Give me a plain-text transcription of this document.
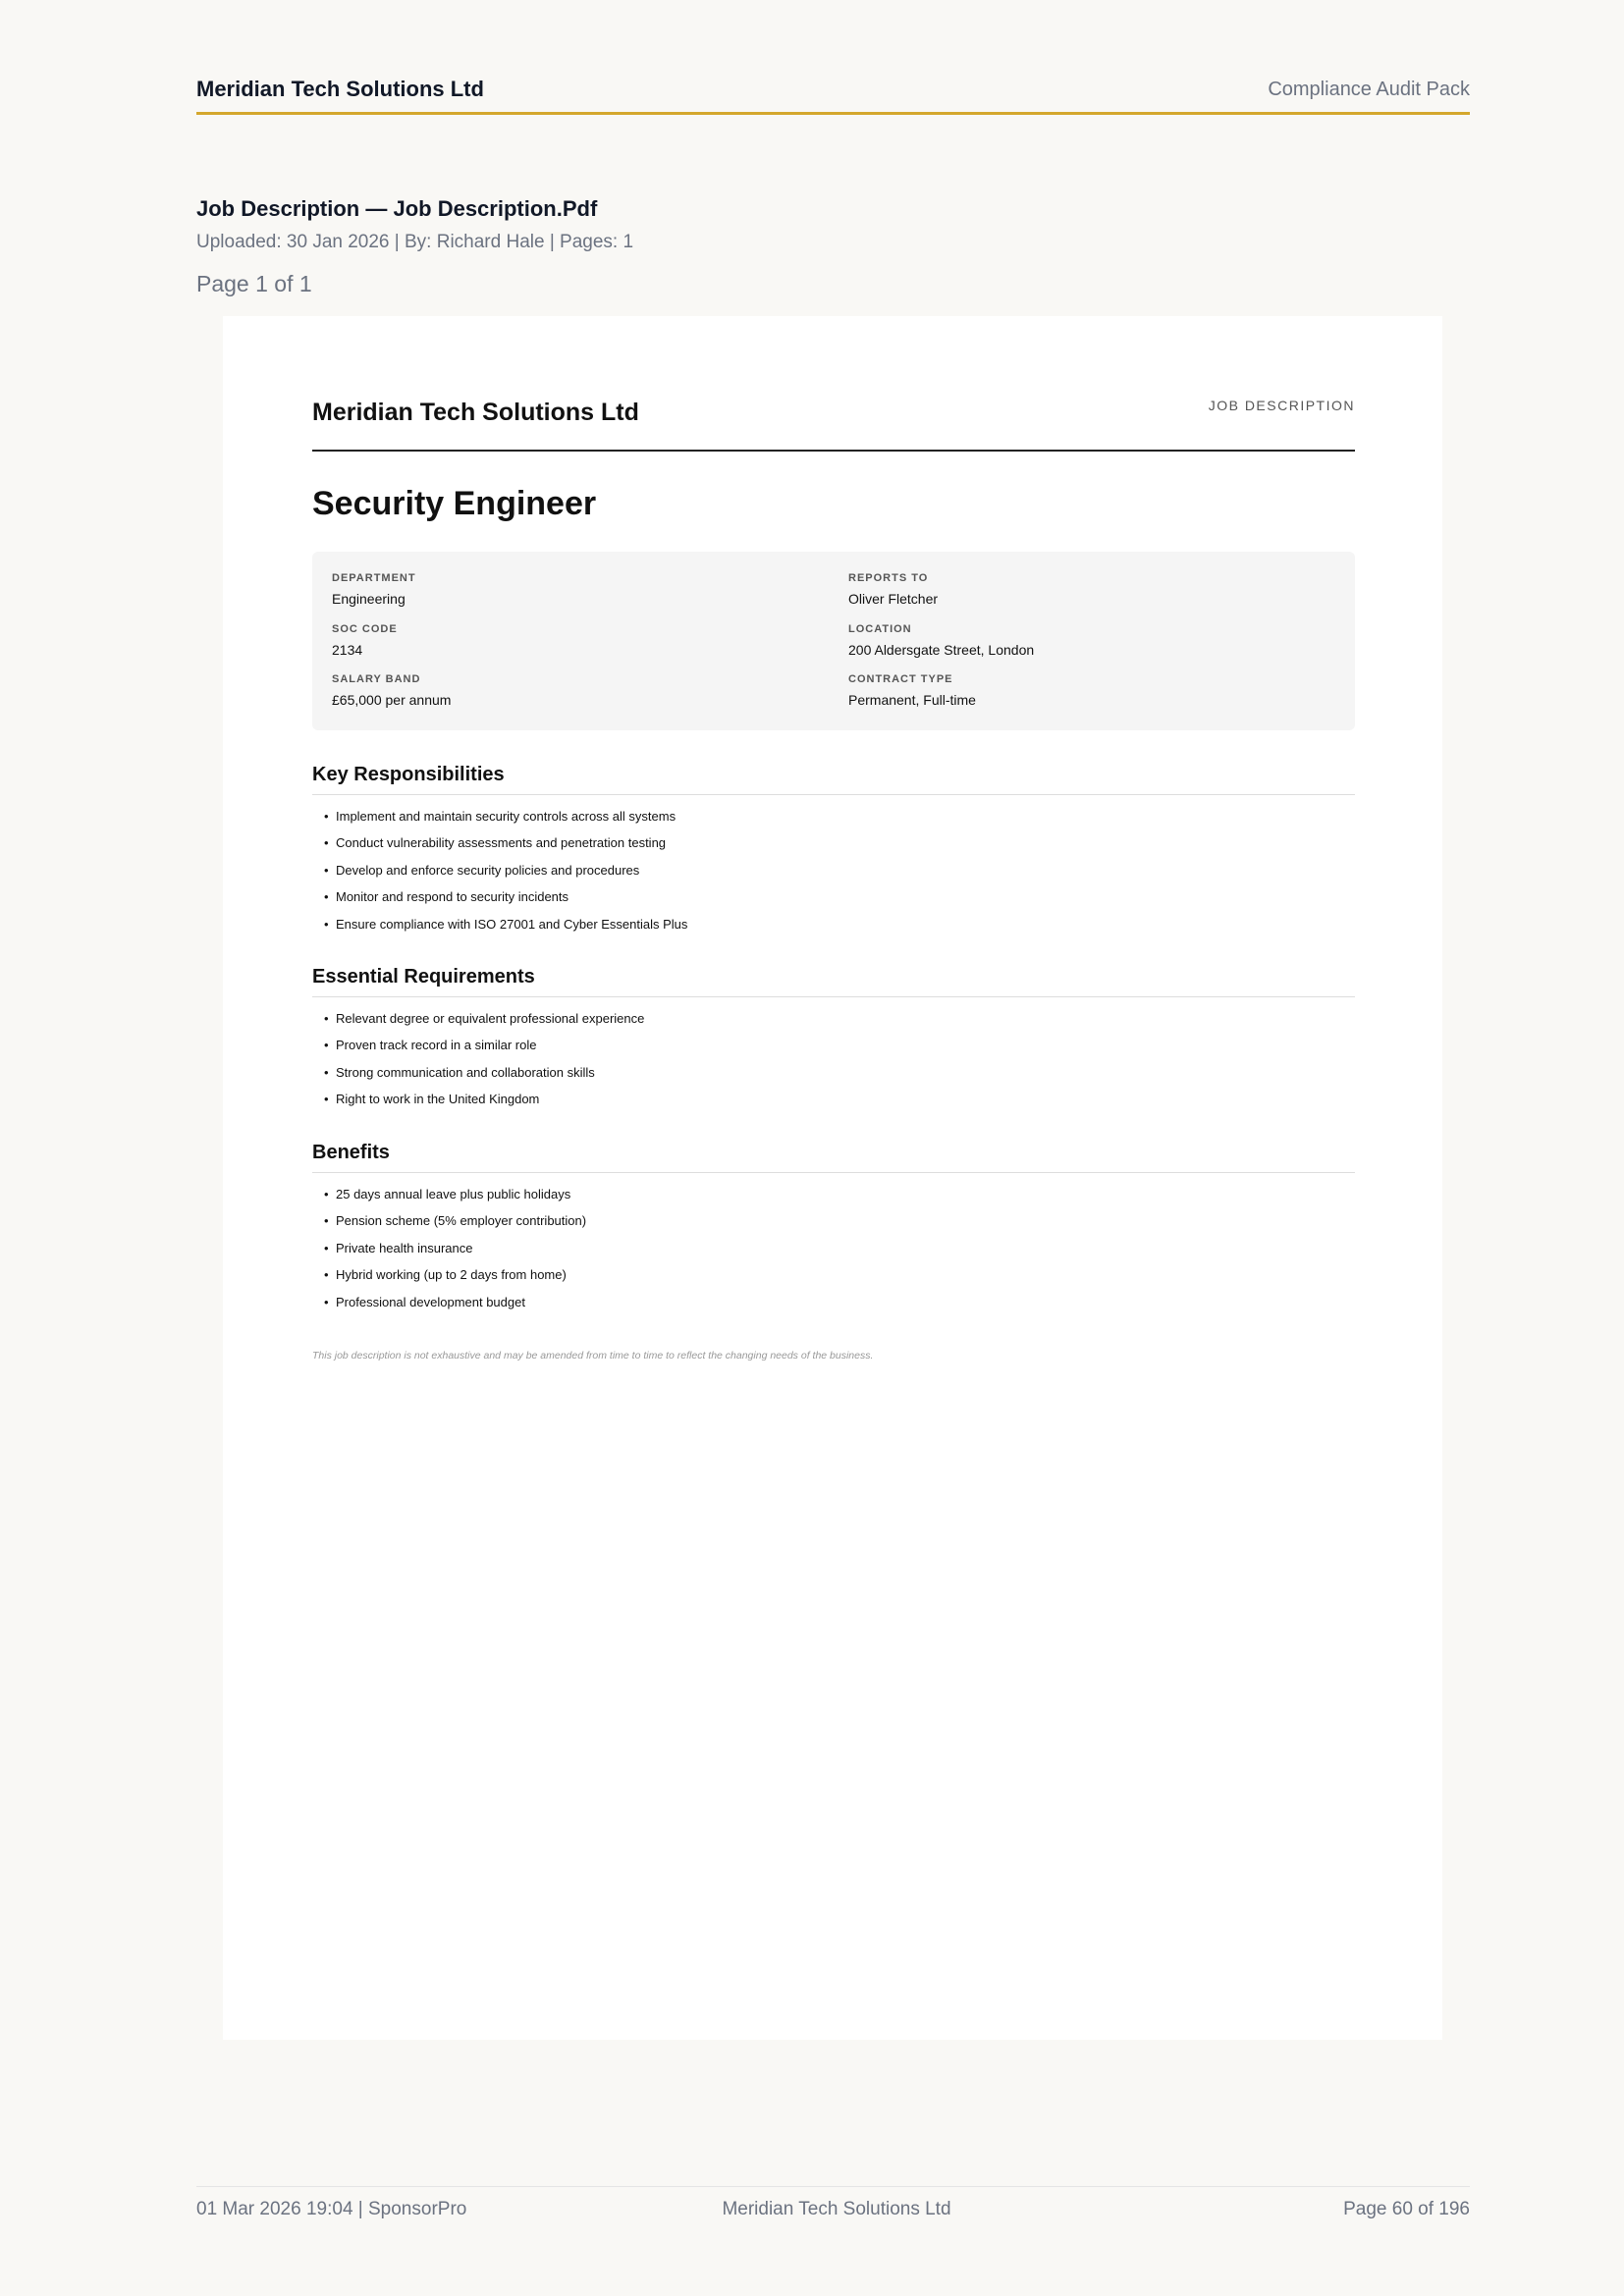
Meridian Tech Solutions Ltd	Compliance Audit Pack
Job Description — Job Description.Pdf
Uploaded: 30 Jan 2026 | By: Richard Hale | Pages: 1
Page 1 of 1
Meridian Tech Solutions Ltd	JOB DESCRIPTION
Security Engineer
DEPARTMENT
Engineering
REPORTS TO
Oliver Fletcher
SOC CODE
2134
LOCATION
200 Aldersgate Street, London
SALARY BAND
£65,000 per annum
CONTRACT TYPE
Permanent, Full-time
Key Responsibilities
• Implement and maintain security controls across all systems
• Conduct vulnerability assessments and penetration testing
• Develop and enforce security policies and procedures
• Monitor and respond to security incidents
• Ensure compliance with ISO 27001 and Cyber Essentials Plus
Essential Requirements
• Relevant degree or equivalent professional experience
• Proven track record in a similar role
• Strong communication and collaboration skills
• Right to work in the United Kingdom
Benefits
• 25 days annual leave plus public holidays
• Pension scheme (5% employer contribution)
• Private health insurance
• Hybrid working (up to 2 days from home)
• Professional development budget
This job description is not exhaustive and may be amended from time to time to reflect the changing needs of the business.
01 Mar 2026 19:04 | SponsorPro	Meridian Tech Solutions Ltd	Page 60 of 196
